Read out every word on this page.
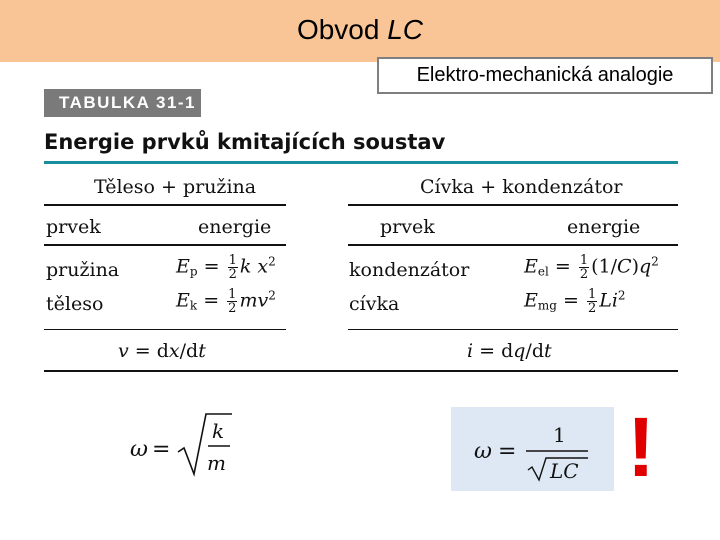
Obvod LC
Elektro-mechanická analogie
TABULKA 31-1
Energie prvků kmitajících soustav
Těleso + pružina
prvek	energie
pružina	$E_p = \frac{1}{2}$ k $x^2$
těleso	$E_k = \frac{1}{2} mv^2$
v = dx/dt
Cívka + kondenzátor
prvek	energie
kondenzátor	$E_{el} = \frac{1}{2} (1/C)q^2$
cívka	$E_{mg} = \frac{1}{2} Li^2$
i = dq/dt
ω =
k
m	ω =
1
LC !
